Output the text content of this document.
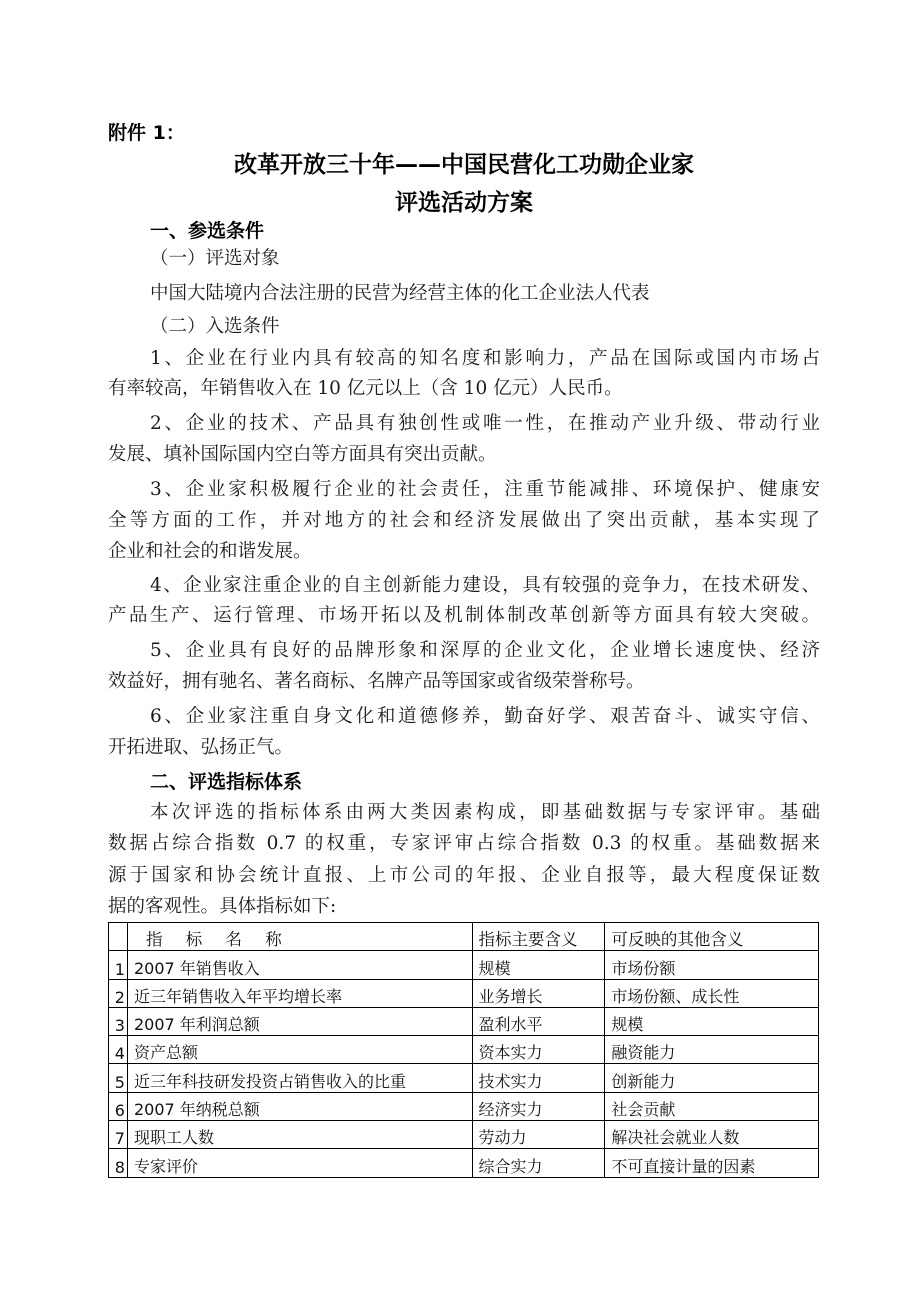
附件 1：
改革开放三十年——中国民营化工功勋企业家
评选活动方案
一、参选条件
（一）评选对象
中国大陆境内合法注册的民营为经营主体的化工企业法人代表
（二）入选条件
1、企业在行业内具有较高的知名度和影响力，产品在国际或国内市场占
有率较高，年销售收入在 10 亿元以上（含 10 亿元）人民币。
2、企业的技术、产品具有独创性或唯一性，在推动产业升级、带动行业
发展、填补国际国内空白等方面具有突出贡献。
3、企业家积极履行企业的社会责任，注重节能减排、环境保护、健康安
全等方面的工作，并对地方的社会和经济发展做出了突出贡献，基本实现了
企业和社会的和谐发展。
4、企业家注重企业的自主创新能力建设，具有较强的竞争力，在技术研发、
产品生产、运行管理、市场开拓以及机制体制改革创新等方面具有较大突破。
5、企业具有良好的品牌形象和深厚的企业文化，企业增长速度快、经济
效益好，拥有驰名、著名商标、名牌产品等国家或省级荣誉称号。
6、企业家注重自身文化和道德修养，勤奋好学、艰苦奋斗、诚实守信、
开拓进取、弘扬正气。
二、评选指标体系
本次评选的指标体系由两大类因素构成，即基础数据与专家评审。基础
数据占综合指数 0.7 的权重，专家评审占综合指数 0.3 的权重。基础数据来
源于国家和协会统计直报、上市公司的年报、企业自报等，最大程度保证数
据的客观性。具体指标如下:
	指 标 名 称	指标主要含义	可反映的其他含义
1	2007 年销售收入	规模	市场份额
2	近三年销售收入年平均增长率	业务增长	市场份额、成长性
3	2007 年利润总额	盈利水平	规模
4	资产总额	资本实力	融资能力
5	近三年科技研发投资占销售收入的比重	技术实力	创新能力
6	2007 年纳税总额	经济实力	社会贡献
7	现职工人数	劳动力	解决社会就业人数
8	专家评价	综合实力	不可直接计量的因素
